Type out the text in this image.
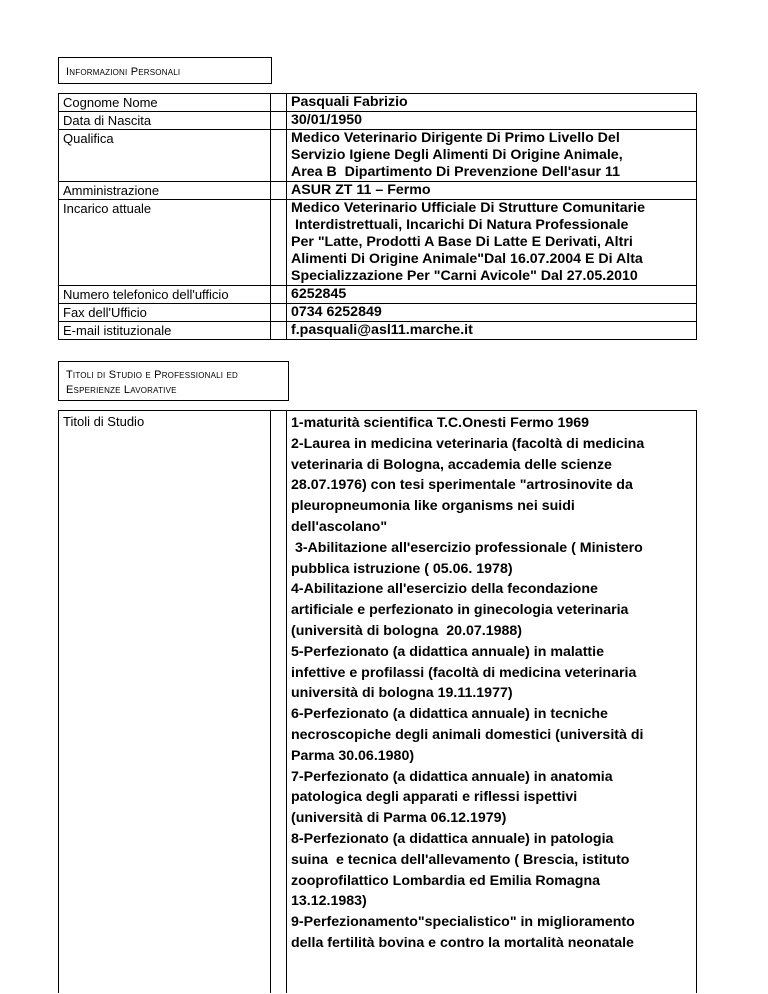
Informazioni Personali
Cognome Nome		Pasquali Fabrizio

Data di Nascita		30/01/1950

Qualifica		Medico Veterinario Dirigente Di Primo Livello Del
Servizio Igiene Degli Alimenti Di Origine Animale,
Area B  Dipartimento Di Prevenzione Dell'asur 11

Amministrazione		ASUR ZT 11 – Fermo

Incarico attuale		Medico Veterinario Ufficiale Di Strutture Comunitarie
Interdistrettuali, Incarichi Di Natura Professionale
Per "Latte, Prodotti A Base Di Latte E Derivati, Altri
Alimenti Di Origine Animale"Dal 16.07.2004 E Di Alta
Specializzazione Per "Carni Avicole" Dal 27.05.2010

Numero telefonico dell'ufficio		6252845

Fax dell'Ufficio		0734 6252849

E-mail istituzionale		f.pasquali@asl11.marche.it
Titoli di Studio e Professionali ed
Esperienze Lavorative
Titoli di Studio		1-maturità scientifica T.C.Onesti Fermo 1969
2-Laurea in medicina veterinaria (facoltà di medicina
veterinaria di Bologna, accademia delle scienze
28.07.1976) con tesi sperimentale "artrosinovite da
pleuropneumonia like organisms nei suidi
dell'ascolano"
3-Abilitazione all'esercizio professionale ( Ministero
pubblica istruzione ( 05.06. 1978)
4-Abilitazione all'esercizio della fecondazione
artificiale e perfezionato in ginecologia veterinaria
(università di bologna  20.07.1988)
5-Perfezionato (a didattica annuale) in malattie
infettive e profilassi (facoltà di medicina veterinaria
università di bologna 19.11.1977)
6-Perfezionato (a didattica annuale) in tecniche
necroscopiche degli animali domestici (università di
Parma 30.06.1980)
7-Perfezionato (a didattica annuale) in anatomia
patologica degli apparati e riflessi ispettivi
(università di Parma 06.12.1979)
8-Perfezionato (a didattica annuale) in patologia
suina  e tecnica dell'allevamento ( Brescia, istituto
zooprofilattico Lombardia ed Emilia Romagna
13.12.1983)
9-Perfezionamento"specialistico" in miglioramento
della fertilità bovina e contro la mortalità neonatale
